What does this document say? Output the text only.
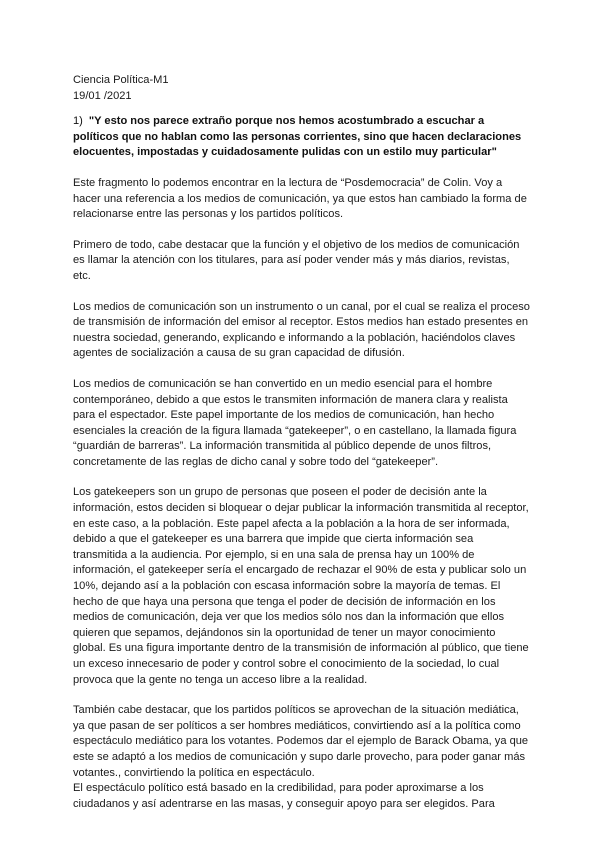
Ciencia Política-M1

19/01 /2021

1) "Y esto nos parece extraño porque nos hemos acostumbrado a escuchar a políticos que no hablan como las personas corrientes, sino que hacen declaraciones elocuentes, impostadas y cuidadosamente pulidas con un estilo muy particular"

Este fragmento lo podemos encontrar en la lectura de “Posdemocracia” de Colin. Voy a hacer una referencia a los medios de comunicación, ya que estos han cambiado la forma de relacionarse entre las personas y los partidos políticos.

Primero de todo, cabe destacar que la función y el objetivo de los medios de comunicación es llamar la atención con los titulares, para así poder vender más y más diarios, revistas, etc.

Los medios de comunicación son un instrumento o un canal, por el cual se realiza el proceso de transmisión de información del emisor al receptor. Estos medios han estado presentes en nuestra sociedad, generando, explicando e informando a la población, haciéndolos claves agentes de socialización a causa de su gran capacidad de difusión.

Los medios de comunicación se han convertido en un medio esencial para el hombre contemporáneo, debido a que estos le transmiten información de manera clara y realista para el espectador. Este papel importante de los medios de comunicación, han hecho esenciales la creación de la figura llamada “gatekeeper”, o en castellano, la llamada figura “guardián de barreras”. La información transmitida al público depende de unos filtros, concretamente de las reglas de dicho canal y sobre todo del “gatekeeper”.

Los gatekeepers son un grupo de personas que poseen el poder de decisión ante la información, estos deciden si bloquear o dejar publicar la información transmitida al receptor, en este caso, a la población. Este papel afecta a la población a la hora de ser informada, debido a que el gatekeeper es una barrera que impide que cierta información sea transmitida a la audiencia. Por ejemplo, si en una sala de prensa hay un 100% de información, el gatekeeper sería el encargado de rechazar el 90% de esta y publicar solo un 10%, dejando así a la población con escasa información sobre la mayoría de temas. El hecho de que haya una persona que tenga el poder de decisión de información en los medios de comunicación, deja ver que los medios sólo nos dan la información que ellos quieren que sepamos, dejándonos sin la oportunidad de tener un mayor conocimiento global. Es una figura importante dentro de la transmisión de información al público, que tiene un exceso innecesario de poder y control sobre el conocimiento de la sociedad, lo cual provoca que la gente no tenga un acceso libre a la realidad.

También cabe destacar, que los partidos políticos se aprovechan de la situación mediática, ya que pasan de ser políticos a ser hombres mediáticos, convirtiendo así a la política como espectáculo mediático para los votantes. Podemos dar el ejemplo de Barack Obama, ya que este se adaptó a los medios de comunicación y supo darle provecho, para poder ganar más votantes., convirtiendo la política en espectáculo.

El espectáculo político está basado en la credibilidad, para poder aproximarse a los ciudadanos y así adentrarse en las masas, y conseguir apoyo para ser elegidos. Para
